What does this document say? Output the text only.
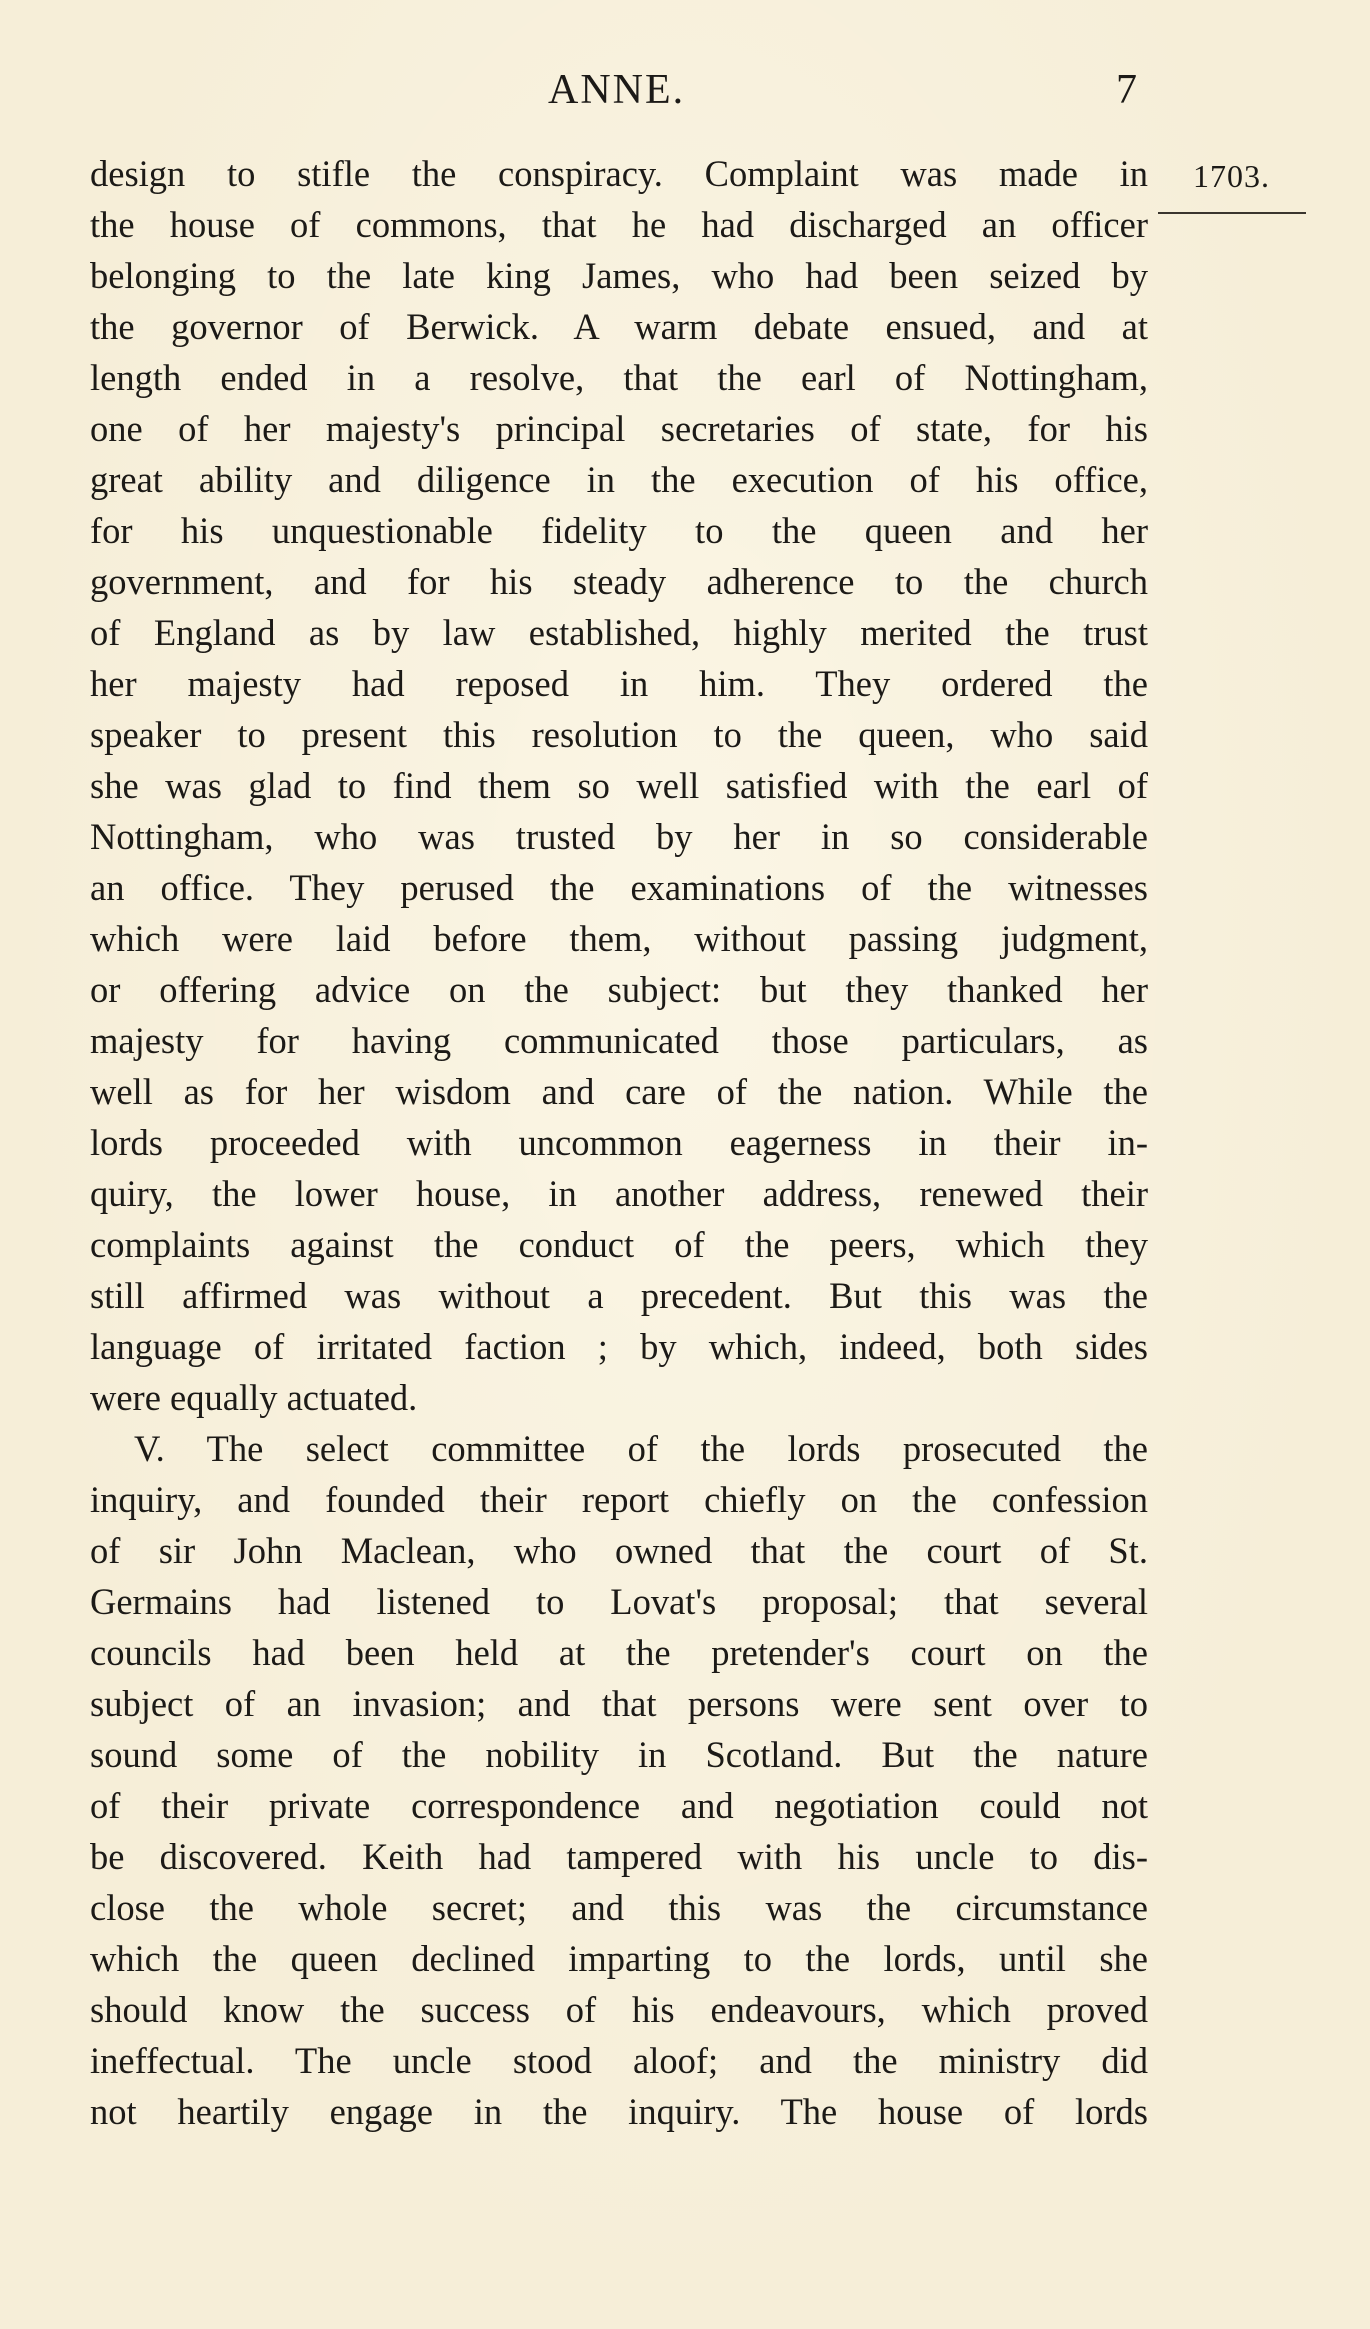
ANNE.	7
1703.
design to stifle the conspiracy. Complaint was made in
the house of commons, that he had discharged an officer
belonging to the late king James, who had been seized by
the governor of Berwick. A warm debate ensued, and at
length ended in a resolve, that the earl of Nottingham,
one of her majesty's principal secretaries of state, for his
great ability and diligence in the execution of his office,
for his unquestionable fidelity to the queen and her
government, and for his steady adherence to the church
of England as by law established, highly merited the trust
her majesty had reposed in him. They ordered the
speaker to present this resolution to the queen, who said
she was glad to find them so well satisfied with the earl of
Nottingham, who was trusted by her in so considerable
an office. They perused the examinations of the witnesses
which were laid before them, without passing judgment,
or offering advice on the subject: but they thanked her
majesty for having communicated those particulars, as
well as for her wisdom and care of the nation. While the
lords proceeded with uncommon eagerness in their in-
quiry, the lower house, in another address, renewed their
complaints against the conduct of the peers, which they
still affirmed was without a precedent. But this was the
language of irritated faction ; by which, indeed, both sides
were equally actuated.
V. The select committee of the lords prosecuted the
inquiry, and founded their report chiefly on the confession
of sir John Maclean, who owned that the court of St.
Germains had listened to Lovat's proposal; that several
councils had been held at the pretender's court on the
subject of an invasion; and that persons were sent over to
sound some of the nobility in Scotland. But the nature
of their private correspondence and negotiation could not
be discovered. Keith had tampered with his uncle to dis-
close the whole secret; and this was the circumstance
which the queen declined imparting to the lords, until she
should know the success of his endeavours, which proved
ineffectual. The uncle stood aloof; and the ministry did
not heartily engage in the inquiry. The house of lords
